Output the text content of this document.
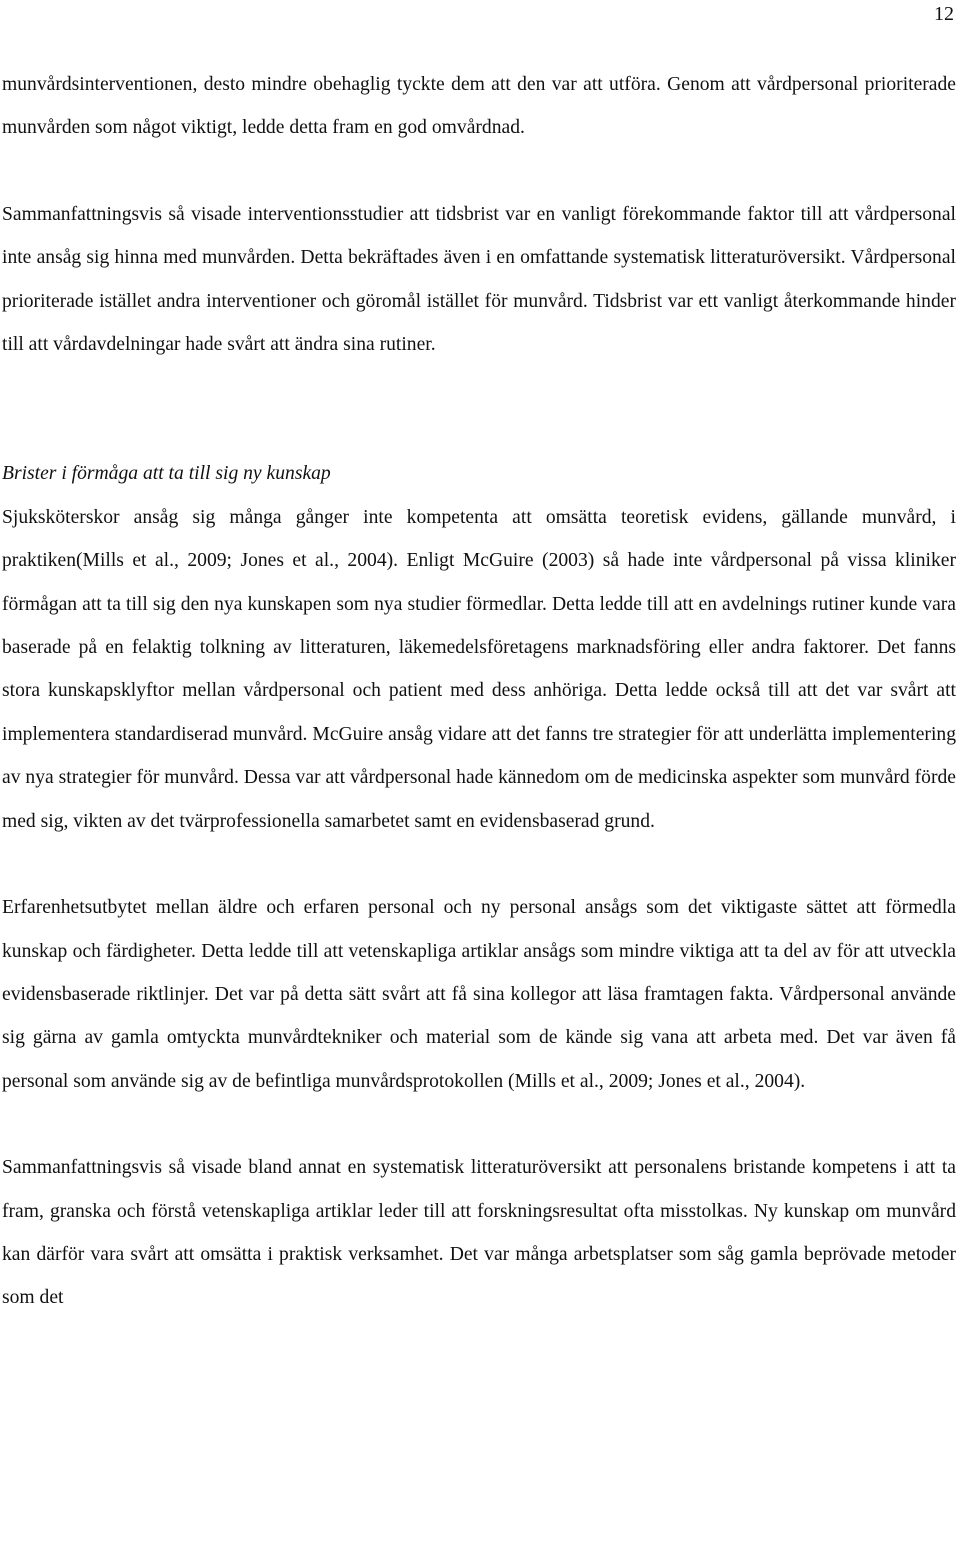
12

munvårdsinterventionen, desto mindre obehaglig tyckte dem att den var att utföra. Genom att vårdpersonal prioriterade munvården som något viktigt, ledde detta fram en god omvårdnad.

Sammanfattningsvis så visade interventionsstudier att tidsbrist var en vanligt förekommande faktor till att vårdpersonal inte ansåg sig hinna med munvården. Detta bekräftades även i en omfattande systematisk litteraturöversikt. Vårdpersonal prioriterade istället andra interventioner och göromål istället för munvård. Tidsbrist var ett vanligt återkommande hinder till att vårdavdelningar hade svårt att ändra sina rutiner.

Brister i förmåga att ta till sig ny kunskap

Sjuksköterskor ansåg sig många gånger inte kompetenta att omsätta teoretisk evidens, gällande munvård, i praktiken(Mills et al., 2009; Jones et al., 2004). Enligt McGuire (2003) så hade inte vårdpersonal på vissa kliniker förmågan att ta till sig den nya kunskapen som nya studier förmedlar. Detta ledde till att en avdelnings rutiner kunde vara baserade på en felaktig tolkning av litteraturen, läkemedelsföretagens marknadsföring eller andra faktorer. Det fanns stora kunskapsklyftor mellan vårdpersonal och patient med dess anhöriga. Detta ledde också till att det var svårt att implementera standardiserad munvård. McGuire ansåg vidare att det fanns tre strategier för att underlätta implementering av nya strategier för munvård. Dessa var att vårdpersonal hade kännedom om de medicinska aspekter som munvård förde med sig, vikten av det tvärprofessionella samarbetet samt en evidensbaserad grund.

Erfarenhetsutbytet mellan äldre och erfaren personal och ny personal ansågs som det viktigaste sättet att förmedla kunskap och färdigheter. Detta ledde till att vetenskapliga artiklar ansågs som mindre viktiga att ta del av för att utveckla evidensbaserade riktlinjer. Det var på detta sätt svårt att få sina kollegor att läsa framtagen fakta. Vårdpersonal använde sig gärna av gamla omtyckta munvårdtekniker och material som de kände sig vana att arbeta med. Det var även få personal som använde sig av de befintliga munvårdsprotokollen (Mills et al., 2009; Jones et al., 2004).

Sammanfattningsvis så visade bland annat en systematisk litteraturöversikt att personalens bristande kompetens i att ta fram, granska och förstå vetenskapliga artiklar leder till att forskningsresultat ofta misstolkas. Ny kunskap om munvård kan därför vara svårt att omsätta i praktisk verksamhet. Det var många arbetsplatser som såg gamla beprövade metoder som det
